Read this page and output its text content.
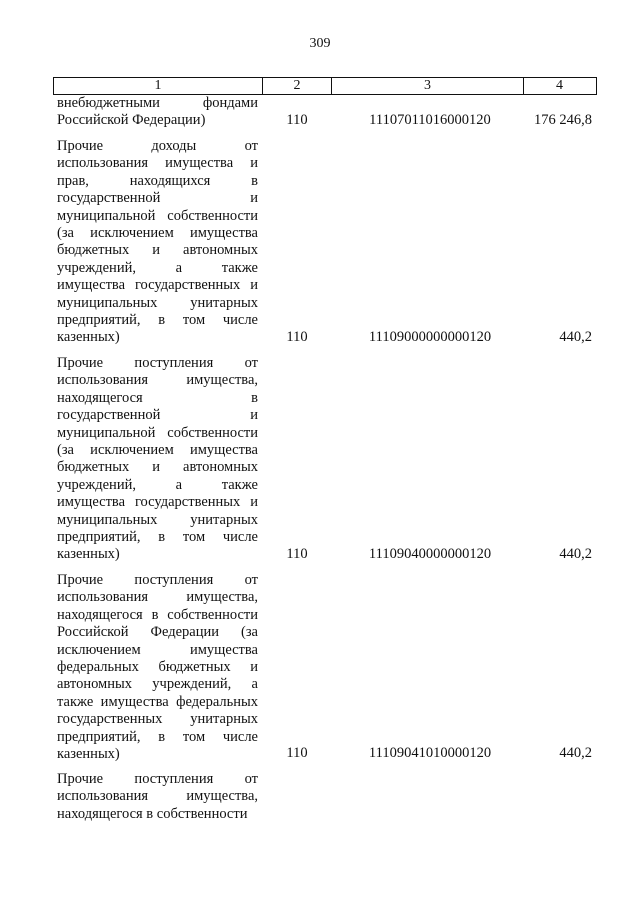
309
1	2	3	4
внебюджетными фондами
Российской Федерации)	110	11107011016000120	176 246,8
Прочие доходы от
использования имущества и
прав, находящихся в
государственной и
муниципальной собственности
(за исключением имущества
бюджетных и автономных
учреждений, а также
имущества государственных и
муниципальных унитарных
предприятий, в том числе
казенных)	110	11109000000000120	440,2
Прочие поступления от
использования имущества,
находящегося в
государственной и
муниципальной собственности
(за исключением имущества
бюджетных и автономных
учреждений, а также
имущества государственных и
муниципальных унитарных
предприятий, в том числе
казенных)	110	11109040000000120	440,2
Прочие поступления от
использования имущества,
находящегося в собственности
Российской Федерации (за
исключением имущества
федеральных бюджетных и
автономных учреждений, а
также имущества федеральных
государственных унитарных
предприятий, в том числе
казенных)	110	11109041010000120	440,2
Прочие поступления от
использования имущества,
находящегося в собственности
